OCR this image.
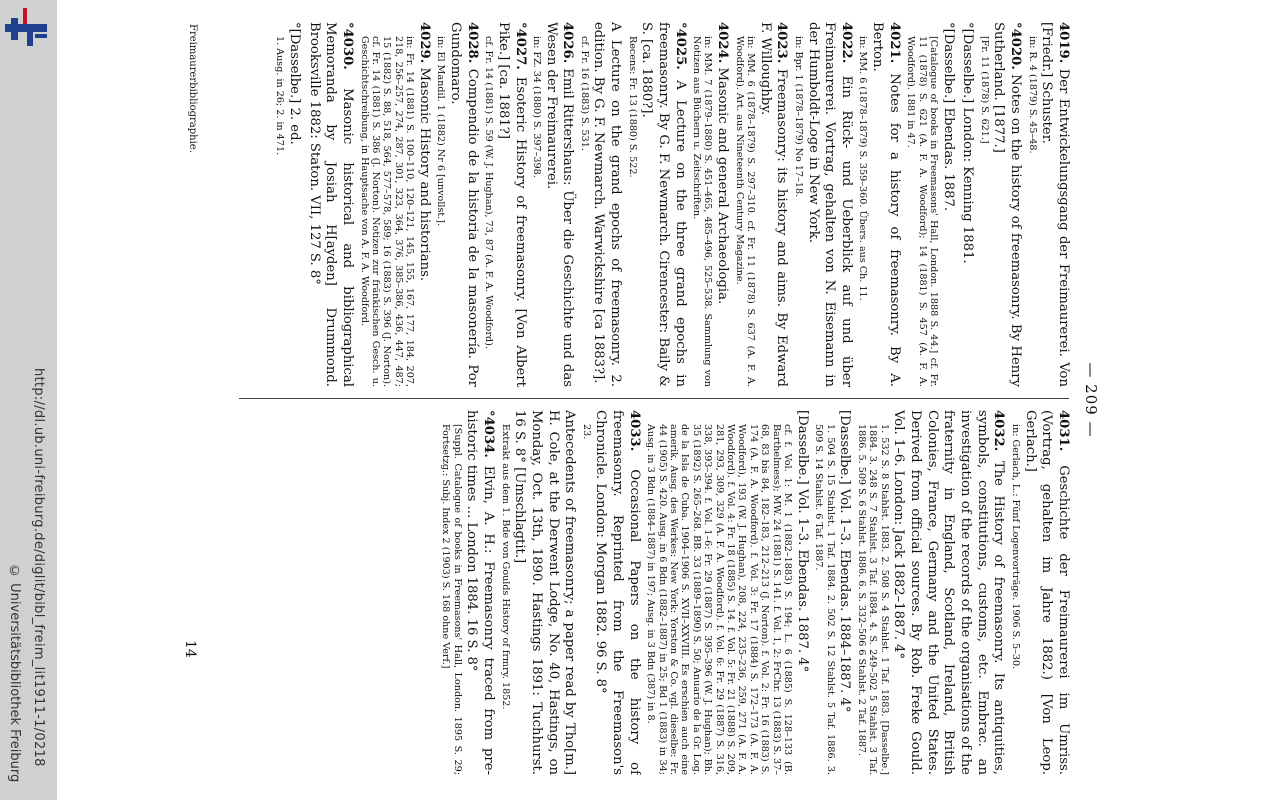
http://dl.ub.uni-freiburg.de/diglit/bibl_freim_lit1911-1/0218
© Universitätsbibliothek Freiburg
— 209 —
4019. Der Entwickelungsgang der Freimaurerei. Von [Friedr.] Schuster.
in: R. 4 (1879) S. 45–48.
°4020. Notes on the history of freemasonry. By Henry Sutherland. [1877.]
[Fr. 11 (1878) S. 621.]
°[Dasselbe.] London: Kenning 1881.
°[Dasselbe.] Ebendas. 1887.
[Catalogue of books in Freemasons' Hall, London. 1888 S. 44.] cf. Fr. 11 (1878) S. 621 (A. F. A. Woodford); 14 (1881) S. 457 (A. F. A. Woodford). 1881 in 47.
4021. Notes for a history of freemasonry. By A. Berton.
in: MM. 6 (1878–1879) S. 359–360. Übers. aus Ch. 11.
4022. Ein Rück- und Ueberblick auf und über Freimaurerei. Vortrag, gehalten von N. Eisemann in der Humboldt-Loge in New York.
in: Bpr. 1 (1878–1879) No 17–18.
4023. Freemasonry: its history and aims. By Edward F. Willoughby.
in: MM. 6 (1878–1879) S. 297–310. cf. Fr. 11 (1878) S. 637 (A. F. A. Woodford). Art. aus Nineteenth Century Magazine.
4024. Masonic and general Archaeologia.
in: MM. 7 (1879–1880) S. 451–465, 485–496, 525–538. Sammlung von Notizen aus Büchern u. Zeitschriften.
°4025. A Lecture on the three grand epochs in freemasonry. By G. F. Newmarch. Cirencester: Baily & S. [ca. 1880?].
Recens: Fr. 13 (1880) S. 522.
A Lecture on the grand epochs of freemasonry. 2. edition. By G. F. Newmarch. Warwickshire [ca 1883?].
cf. Fr. 16 (1883) S. 531.
4026. Emil Rittershaus: Über die Geschichte und das Wesen der Freimaurerei.
in: FZ. 34 (1880) S. 397–398.
°4027. Esoteric History of freemasonry. [Von Albert Pike.] [ca. 1881?]
cf. Fr. 14 (1881) S. 59 (W. J. Hughan), 73, 87 (A. F. A. Woodford).
4028. Compendio de la historia de la masonería. Por Gundomaro.
in: El Mandil. 1 (1882) Nr 6 [unvollst.].
4029. Masonic History and historians.
in: Fr. 14 (1881) S. 100–110, 120–121, 145, 155, 167, 177, 184, 207, 218, 256–257, 274, 287, 301, 323, 364, 376, 385–386, 436, 447, 487; 15 (1882) S. 88, 518, 564, 577–578, 589; 16 (1883) S. 396 (J. Norton). cf. Fr. 14 (1881) S. 386 (J. Norton). Notizen zur fränkischen Gesch. u. Geschichtschreibung, in Hauptsache von A. F. A. Woodford.
°4030. Masonic historical and bibliographical Memoranda by Josiah H[ayden] Drummond. Brooksville 1882: Staton. VII, 127 S. 8°
°[Dasselbe.] 2. ed.
1. Ausg. in 26; 2. in 471.
4031. Geschichte der Freimaurerei im Umriss. (Vortrag, gehalten im Jahre 1882.) [Von Leop. Gerlach.]
in: Gerlach, L.: Fünf Logenvorträge. 1906 S. 5–30.
4032. The History of freemasonry. Its antiquities, symbols, constitutions, customs, etc. Embrac. an investigation of the records of the organisations of the fraternity in England, Scotland, Ireland, British Colonies, France, Germany and the United States. Derived from official sources. By Rob. Freke Gould. Vol. 1–6. London: Jack 1882–1887. 4°
1. 532 S. 8 Stahlst. 1883. 2. 508 S. 4 Stahlst. 1 Taf. 1883. [Dasselbe.] 1884. 3. 248 S. 7 Stahlst. 3 Taf. 1884. 4. S. 249–502 5 Stahlst. 3 Taf. 1886. 5. 509 S. 6 Stahlst. 1886. 6. S. 332–506 6 Stahlst. 2 Taf. 1887.
[Dasselbe.] Vol. 1–3. Ebendas. 1884–1887. 4°
1. 504 S. 15 Stahlst. 1 Taf. 1884. 2. 502 S. 12 Stahlst. 5 Taf. 1886. 3. 509 S. 14 Stahlst. 6 Taf. 1887.
[Dasselbe.] Vol. 1–3. Ebendas. 1887. 4°
cf. f. Vol. 1: M. 1 (1882–1883) S. 194; L. 6 (1885) S. 128–133 (B. Barthelmess); MW. 24 (1881) S. 141. f. Vol. 1, 2: FrChr. 13 (1883) S. 37–68, 83 bis 84, 182–183, 212–213 (J. Norton). f. Vol. 2: Fr. 16 (1883) S. 174 (A. F. A. Woodford). f. Vol. 3: Fr. 17 (1884) S. 172–173 (A. F. A. Woodford), 193 (W. J. Hughan), 208, 224, 235–236, 259, 271 (A. F. A. Woodford). f. Vol. 4: Fr. 18 (1885) S. 14. f. Vol. 5: Fr. 21 (1888) S. 209, 281, 293, 309, 329 (A. F. A. Woodford). f. Vol. 6: Fr. 29 (1887) S. 316, 338, 393–394. f. Vol. 1–6: Fr. 29 (1887) S. 395–396 (W. J. Hughan); Bh. 35 (1892) S. 265–268. BB. 33 (1889–1890) S. 50; Anuario de la Gr. Log. de la Isla de Cuba. 1904–1906 S. XVII–XXVIII. Es erschien auch eine amerik. Ausg. des Werkes: New York: Yorston & Co. vgl. dieselbe: Fr. 44 (1905) S. 420. Ausg. in 6 Bdn (1882–1887) in 25; Bd 1 (1883) in 34; Ausg. in 3 Bdn (1884–1887) in 197; Ausg. in 3 Bdn (387) in 8.
4033. Occasional Papers on the history of freemasonry. Reprinted from the Freemason's Chronicle. London: Morgan 1882. 96 S. 8°
23.
Antecedents of freemasonry; a paper read by Tho[m.] H. Cole, at the Derwent Lodge, No. 40, Hastings, on Monday, Oct. 13th, 1890. Hastings 1891: Tuchhurst. 16 S. 8° [Umschlagtit.]
Extrakt aus dem 1. Bde von Goulds History of frmry. 1852.
°4034. Elvin, A. H.: Freemasonry traced from pre-historic times ... London 1884. 16 S. 8°
[Suppl. Catalogue of books in Freemasons' Hall, London. 1895 S. 29; Fortsetzg.: Subj. Index 2 (1903) S. 168 ohne Verf.]
Freimaurerbibliographie.
14
